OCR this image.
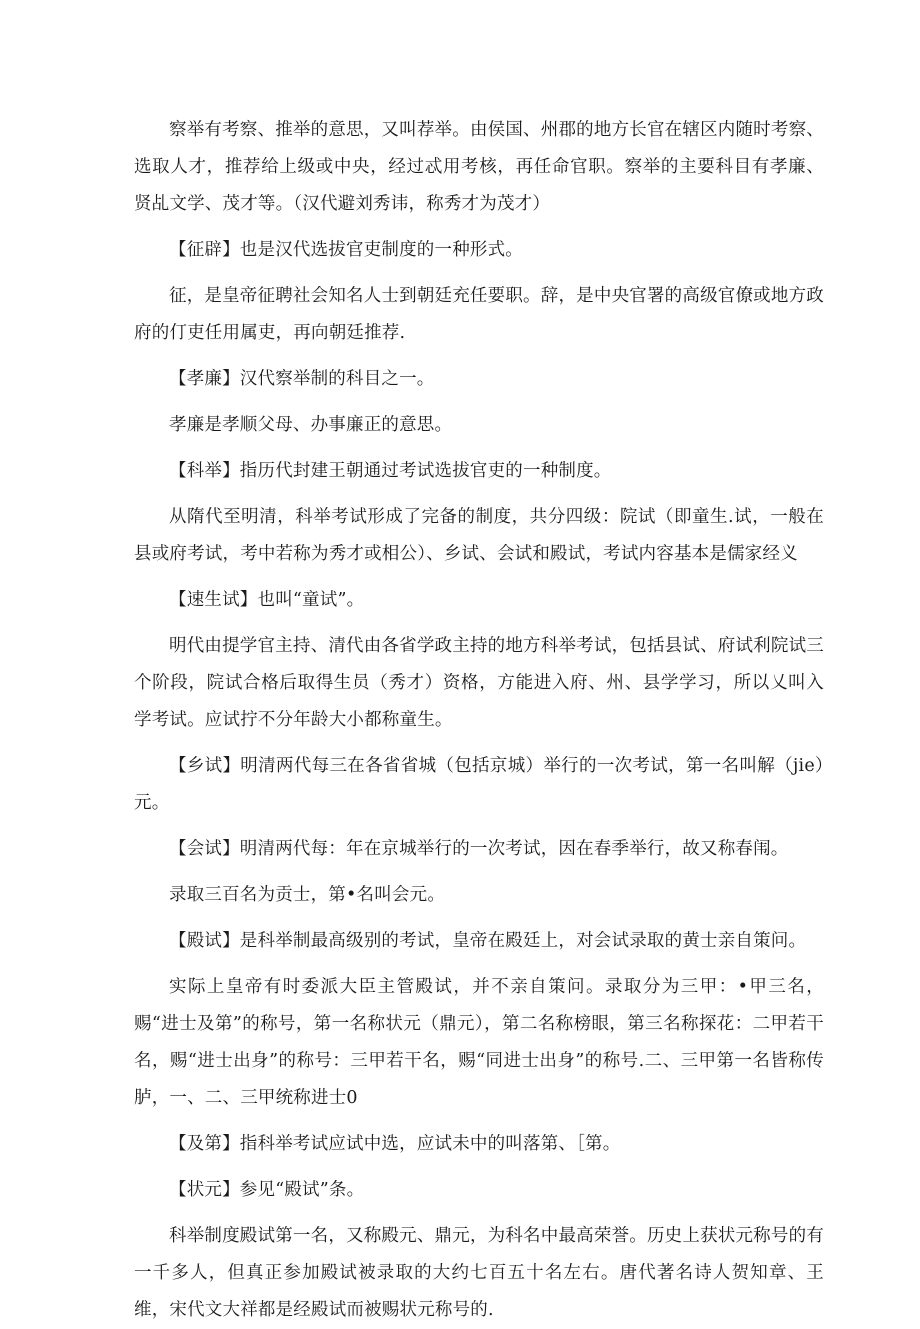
察举有考察、推举的意思，又叫荐举。由侯国、州郡的地方长官在辖区内随时考察、选取人才，推荐给上级或中央，经过忒用考核，再任命官职。察举的主要科目有孝廉、贤乩文学、茂才等。（汉代避刘秀讳，称秀才为茂才）

【征辟】也是汉代选拔官吏制度的一种形式。

征，是皇帝征聘社会知名人士到朝廷充任要职。辞，是中央官署的高级官僚或地方政府的仃吏任用属吏，再向朝廷推荐.

【孝廉】汉代察举制的科目之一。

孝廉是孝顺父母、办事廉正的意思。

【科举】指历代封建王朝通过考试选拔官吏的一种制度。

从隋代至明清，科举考试形成了完备的制度，共分四级：院试（即童生.试，一般在县或府考试，考中若称为秀才或相公）、乡试、会试和殿试，考试内容基本是儒家经义

【速生试】也叫“童试”。

明代由提学官主持、清代由各省学政主持的地方科举考试，包括县试、府试利院试三个阶段，院试合格后取得生员（秀才）资格，方能进入府、州、县学学习，所以乂叫入学考试。应试拧不分年龄大小都称童生。

【乡试】明清两代每三在各省省城（包括京城）举行的一次考试，第一名叫解（jie）元。

【会试】明清两代每：年在京城举行的一次考试，因在春季举行，故又称春闱。

录取三百名为贡士，第•名叫会元。

【殿试】是科举制最高级别的考试，皇帝在殿廷上，对会试录取的黄士亲自策问。

实际上皇帝有时委派大臣主管殿试，并不亲自策问。录取分为三甲：•甲三名，赐“进士及第”的称号，第一名称状元（鼎元），第二名称榜眼，第三名称探花：二甲若干名，赐“进士出身”的称号：三甲若干名，赐“同进士出身”的称号.二、三甲第一名皆称传胪，一、二、三甲统称进士0

【及第】指科举考试应试中选，应试未中的叫落第、［第。

【状元】参见“殿试”条。

科举制度殿试第一名，又称殿元、鼎元，为科名中最高荣誉。历史上获状元称号的有一千多人，但真正参加殿试被录取的大约七百五十名左右。唐代著名诗人贺知章、王维，宋代文大祥都是经殿试而被赐状元称号的.
